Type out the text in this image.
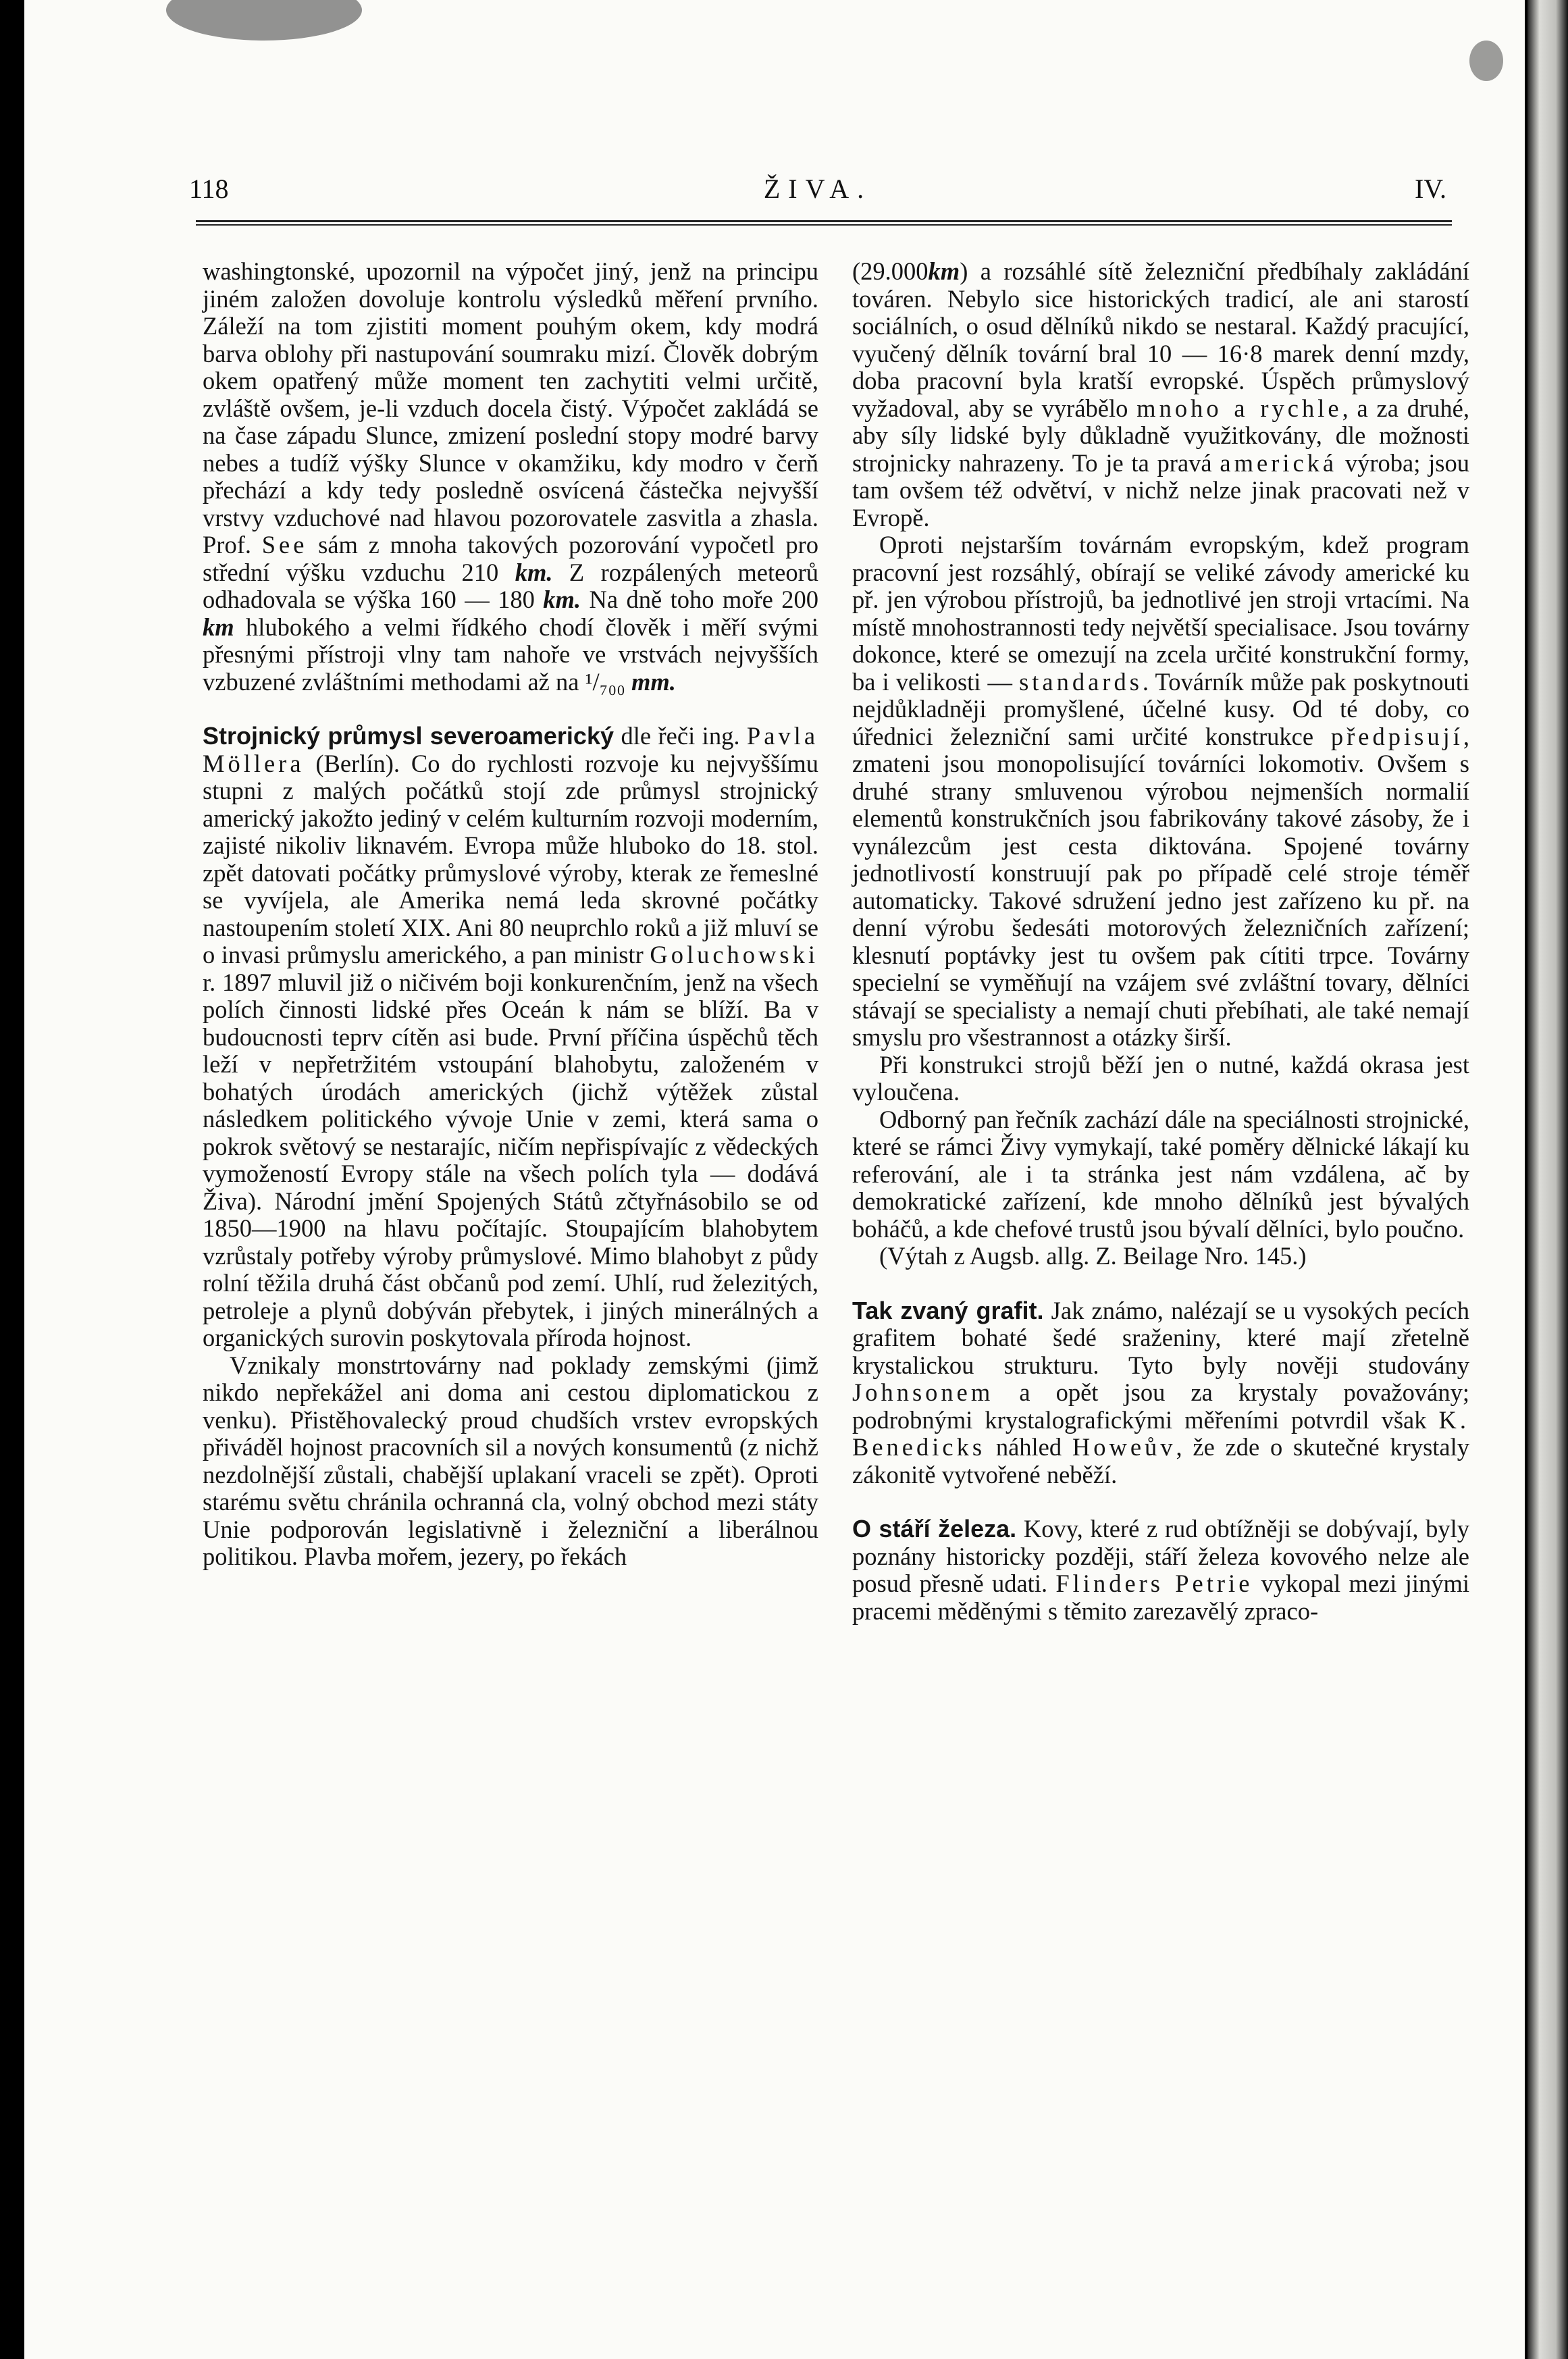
118	ŽIVA.	IV.

washingtonské, upozornil na výpočet jiný, jenž na principu jiném založen dovoluje kontrolu výsledků měření prvního. Záleží na tom zjistiti moment pouhým okem, kdy modrá barva oblohy při nastupování soumraku mizí. Člověk dobrým okem opatřený může moment ten zachytiti velmi určitě, zvláště ovšem, je-li vzduch docela čistý. Výpočet zakládá se na čase západu Slunce, zmizení poslední stopy modré barvy nebes a tudíž výšky Slunce v okamžiku, kdy modro v čerň přechází a kdy tedy posledně osvícená částečka nejvyšší vrstvy vzduchové nad hlavou pozorovatele zasvitla a zhasla. Prof. See sám z mnoha takových pozorování vypočetl pro střední výšku vzduchu 210 km. Z rozpálených meteorů odhadovala se výška 160 — 180 km. Na dně toho moře 200 km hlubokého a velmi řídkého chodí člověk i měří svými přesnými přístroji vlny tam nahoře ve vrstvách nejvyšších vzbuzené zvláštními methodami až na ¹/₇₀₀ mm.

Strojnický průmysl severoamerický dle řeči ing. Pavla Möllera (Berlín). Co do rychlosti rozvoje ku nejvyššímu stupni z malých počátků stojí zde průmysl strojnický americký jakožto jediný v celém kulturním rozvoji moderním, zajisté nikoliv liknavém. Evropa může hluboko do 18. stol. zpět datovati počátky průmyslové výroby, kterak ze řemeslné se vyvíjela, ale Amerika nemá leda skrovné počátky nastoupením století XIX. Ani 80 neuprchlo roků a již mluví se o invasi průmyslu amerického, a pan ministr Goluchowski r. 1897 mluvil již o ničivém boji konkurenčním, jenž na všech polích činnosti lidské přes Oceán k nám se blíží. Ba v budoucnosti teprv cítěn asi bude. První příčina úspěchů těch leží v nepřetržitém vstoupání blahobytu, založeném v bohatých úrodách amerických (jichž výtěžek zůstal následkem politického vývoje Unie v zemi, která sama o pokrok světový se nestarajíc, ničím nepřispívajíc z vědeckých vymožeností Evropy stále na všech polích tyla — dodává Živa). Národní jmění Spojených Států zčtyřnásobilo se od 1850—1900 na hlavu počítajíc. Stoupajícím blahobytem vzrůstaly potřeby výroby průmyslové. Mimo blahobyt z půdy rolní těžila druhá část občanů pod zemí. Uhlí, rud železitých, petroleje a plynů dobýván přebytek, i jiných minerálných a organických surovin poskytovala příroda hojnost.

Vznikaly monstrtovárny nad poklady zemskými (jimž nikdo nepřekážel ani doma ani cestou diplomatickou z venku). Přistěhovalecký proud chudších vrstev evropských přiváděl hojnost pracovních sil a nových konsumentů (z nichž nezdolnější zůstali, chabější uplakaní vraceli se zpět). Oproti starému světu chránila ochranná cla, volný obchod mezi státy Unie podporován legislativně i železniční a liberálnou politikou. Plavba mořem, jezery, po řekách

(29.000km) a rozsáhlé sítě železniční předbíhaly zakládání továren. Nebylo sice historických tradicí, ale ani starostí sociálních, o osud dělníků nikdo se nestaral. Každý pracující, vyučený dělník tovární bral 10 — 16·8 marek denní mzdy, doba pracovní byla kratší evropské. Úspěch průmyslový vyžadoval, aby se vyrábělo mnoho a rychle, a za druhé, aby síly lidské byly důkladně využitkovány, dle možnosti strojnicky nahrazeny. To je ta pravá americká výroba; jsou tam ovšem též odvětví, v nichž nelze jinak pracovati než v Evropě.

Oproti nejstarším továrnám evropským, kdež program pracovní jest rozsáhlý, obírají se veliké závody americké ku př. jen výrobou přístrojů, ba jednotlivé jen stroji vrtacími. Na místě mnohostrannosti tedy největší specialisace. Jsou továrny dokonce, které se omezují na zcela určité konstrukční formy, ba i velikosti — standards. Továrník může pak poskytnouti nejdůkladněji promyšlené, účelné kusy. Od té doby, co úřednici železniční sami určité konstrukce předpisují, zmateni jsou monopolisující továrníci lokomotiv. Ovšem s druhé strany smluvenou výrobou nejmenších normalií elementů konstrukčních jsou fabrikovány takové zásoby, že i vynálezcům jest cesta diktována. Spojené továrny jednotlivostí konstruují pak po případě celé stroje téměř automaticky. Takové sdružení jedno jest zařízeno ku př. na denní výrobu šedesáti motorových železničních zařízení; klesnutí poptávky jest tu ovšem pak cítiti trpce. Továrny specielní se vyměňují na vzájem své zvláštní tovary, dělníci stávají se specialisty a nemají chuti přebíhati, ale také nemají smyslu pro všestrannost a otázky širší.

Při konstrukci strojů běží jen o nutné, každá okrasa jest vyloučena.

Odborný pan řečník zachází dále na speciálnosti strojnické, které se rámci Živy vymykají, také poměry dělnické lákají ku referování, ale i ta stránka jest nám vzdálena, ač by demokratické zařízení, kde mnoho dělníků jest bývalých boháčů, a kde chefové trustů jsou bývalí dělníci, bylo poučno.

(Výtah z Augsb. allg. Z. Beilage Nro. 145.)

Tak zvaný grafit. Jak známo, nalézají se u vysokých pecích grafitem bohaté šedé sraženiny, které mají zřetelně krystalickou strukturu. Tyto byly nověji studovány Johnsonem a opět jsou za krystaly považovány; podrobnými krystalografickými měřeními potvrdil však K. Benedicks náhled Howeův, že zde o skutečné krystaly zákonitě vytvořené neběží.

O stáří železa. Kovy, které z rud obtížněji se dobývají, byly poznány historicky později, stáří železa kovového nelze ale posud přesně udati. Flinders Petrie vykopal mezi jinými pracemi měděnými s těmito zarezavělý zpraco-
